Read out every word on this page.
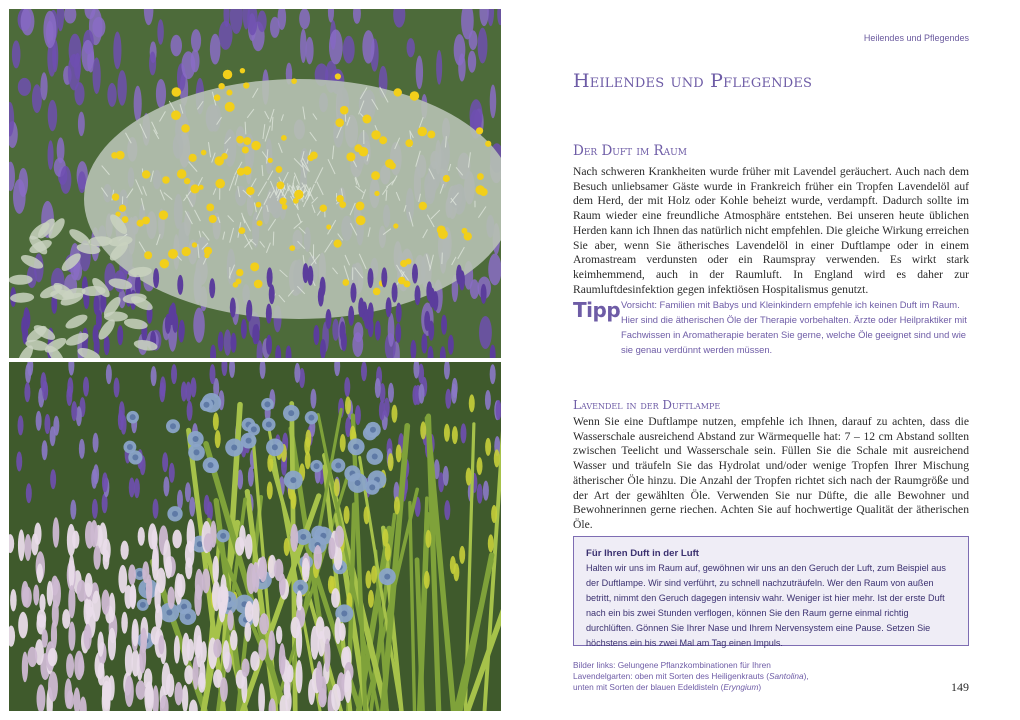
Heilendes und Pflegendes
Heilendes und Pflegendes
Der Duft im Raum

Nach schweren Krankheiten wurde früher mit Lavendel geräuchert. Auch nach dem Besuch unliebsamer Gäste wurde in Frankreich früher ein Tropfen Lavendelöl auf dem Herd, der mit Holz oder Kohle beheizt wurde, verdampft. Dadurch sollte im Raum wieder eine freundliche Atmosphäre entstehen. Bei unseren heute üblichen Herden kann ich Ihnen das natürlich nicht empfehlen. Die gleiche Wirkung erreichen Sie aber, wenn Sie ätherisches Lavendelöl in einer Duftlampe oder in einem Aromastream verdunsten oder ein Raumspray verwenden. Es wirkt stark keimhemmend, auch in der Raumluft. In England wird es daher zur Raumluftdesinfektion gegen infektiösen Hospitalismus genutzt.

Tipp Vorsicht: Familien mit Babys und Kleinkindern empfehle ich keinen Duft im Raum. Hier sind die ätherischen Öle der Therapie vorbehalten. Ärzte oder Heilpraktiker mit Fachwissen in Aromatherapie beraten Sie gerne, welche Öle geeignet sind und wie sie genau verdünnt werden müssen.

Lavendel in der Duftlampe

Wenn Sie eine Duftlampe nutzen, empfehle ich Ihnen, darauf zu achten, dass die Wasserschale ausreichend Abstand zur Wärmequelle hat: 7 – 12 cm Abstand sollten zwischen Teelicht und Wasserschale sein. Füllen Sie die Schale mit ausreichend Wasser und träufeln Sie das Hydrolat und/oder wenige Tropfen Ihrer Mischung ätherischer Öle hinzu. Die Anzahl der Tropfen richtet sich nach der Raumgröße und der Art der gewählten Öle. Verwenden Sie nur Düfte, die alle Bewohner und Bewohnerinnen gerne riechen. Achten Sie auf hochwertige Qualität der ätherischen Öle.

Für Ihren Duft in der Luft
Halten wir uns im Raum auf, gewöhnen wir uns an den Geruch der Luft, zum Beispiel aus der Duftlampe. Wir sind verführt, zu schnell nachzuträufeln. Wer den Raum von außen betritt, nimmt den Geruch dagegen intensiv wahr. Weniger ist hier mehr. Ist der erste Duft nach ein bis zwei Stunden verflogen, können Sie den Raum gerne einmal richtig durchlüften. Gönnen Sie Ihrer Nase und Ihrem Nervensystem eine Pause. Setzen Sie höchstens ein bis zwei Mal am Tag einen Impuls.

Bilder links: Gelungene Pflanzkombinationen für Ihren

Lavendelgarten: oben mit Sorten des Heiligenkrauts (Santolina),

unten mit Sorten der blauen Edeldisteln (Eryngium)	149
